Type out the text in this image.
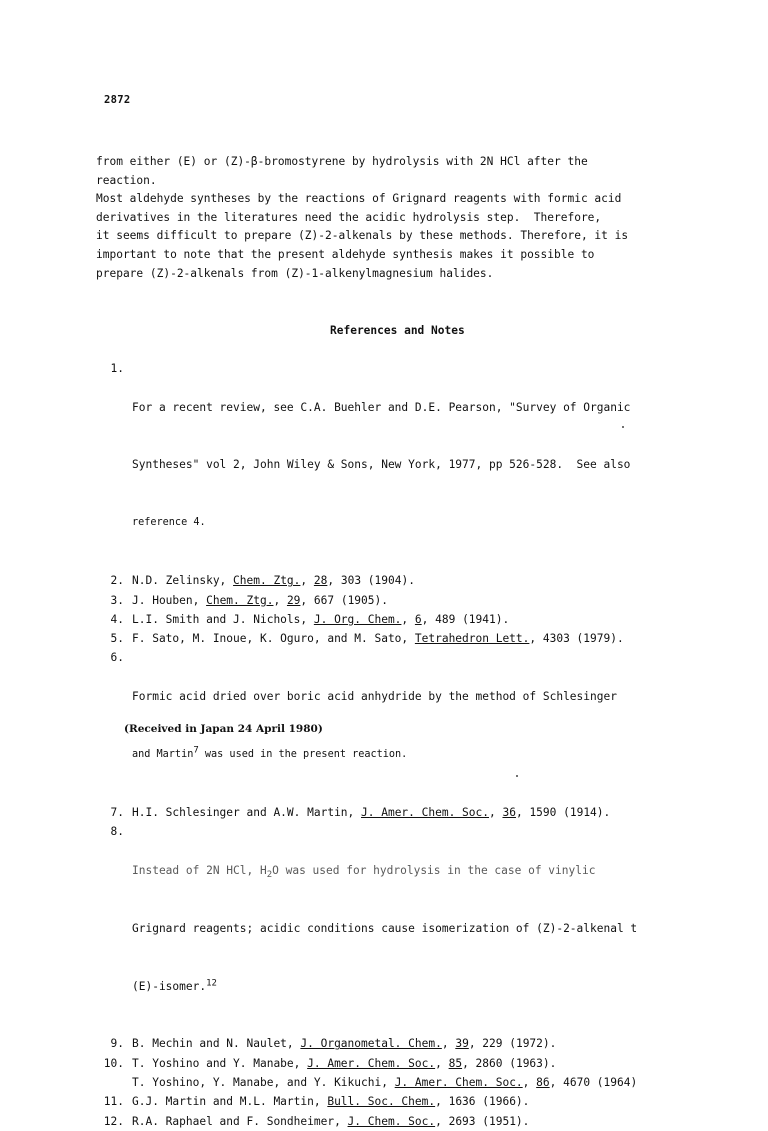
2872
from either (E) or (Z)-β-bromostyrene by hydrolysis with 2N HCl after the
reaction.
Most aldehyde syntheses by the reactions of Grignard reagents with formic acid
derivatives in the literatures need the acidic hydrolysis step.  Therefore,
it seems difficult to prepare (Z)-2-alkenals by these methods. Therefore, it is
important to note that the present aldehyde synthesis makes it possible to
prepare (Z)-2-alkenals from (Z)-1-alkenylmagnesium halides.
References and Notes
1.

For a recent review, see C.A. Buehler and D.E. Pearson, "Survey of Organic

Syntheses" vol 2, John Wiley & Sons, New York, 1977, pp 526-528.  See also

reference 4.

2. N.D. Zelinsky, Chem. Ztg., 28, 303 (1904).
3. J. Houben, Chem. Ztg., 29, 667 (1905).
4. L.I. Smith and J. Nichols, J. Org. Chem., 6, 489 (1941).
5. F. Sato, M. Inoue, K. Oguro, and M. Sato, Tetrahedron Lett., 4303 (1979).
6.

Formic acid dried over boric acid anhydride by the method of Schlesinger

and Martin$^7$ was used in the present reaction.

7. H.I. Schlesinger and A.W. Martin, J. Amer. Chem. Soc., 36, 1590 (1914).
8.

Instead of 2N HCl, $H_2O$ was used for hydrolysis in the case of vinylic

Grignard reagents; acidic conditions cause isomerization of (Z)-2-alkenal t

(E)-isomer.$^{12}$

9. B. Mechin and N. Naulet, J. Organometal. Chem., 39, 229 (1972).
10. T. Yoshino and Y. Manabe, J. Amer. Chem. Soc., 85, 2860 (1963).
T. Yoshino, Y. Manabe, and Y. Kikuchi, J. Amer. Chem. Soc., 86, 4670 (1964)
11. G.J. Martin and M.L. Martin, Bull. Soc. Chem., 1636 (1966).
12. R.A. Raphael and F. Sondheimer, J. Chem. Soc., 2693 (1951).
(Received in Japan 24 April 1980)
